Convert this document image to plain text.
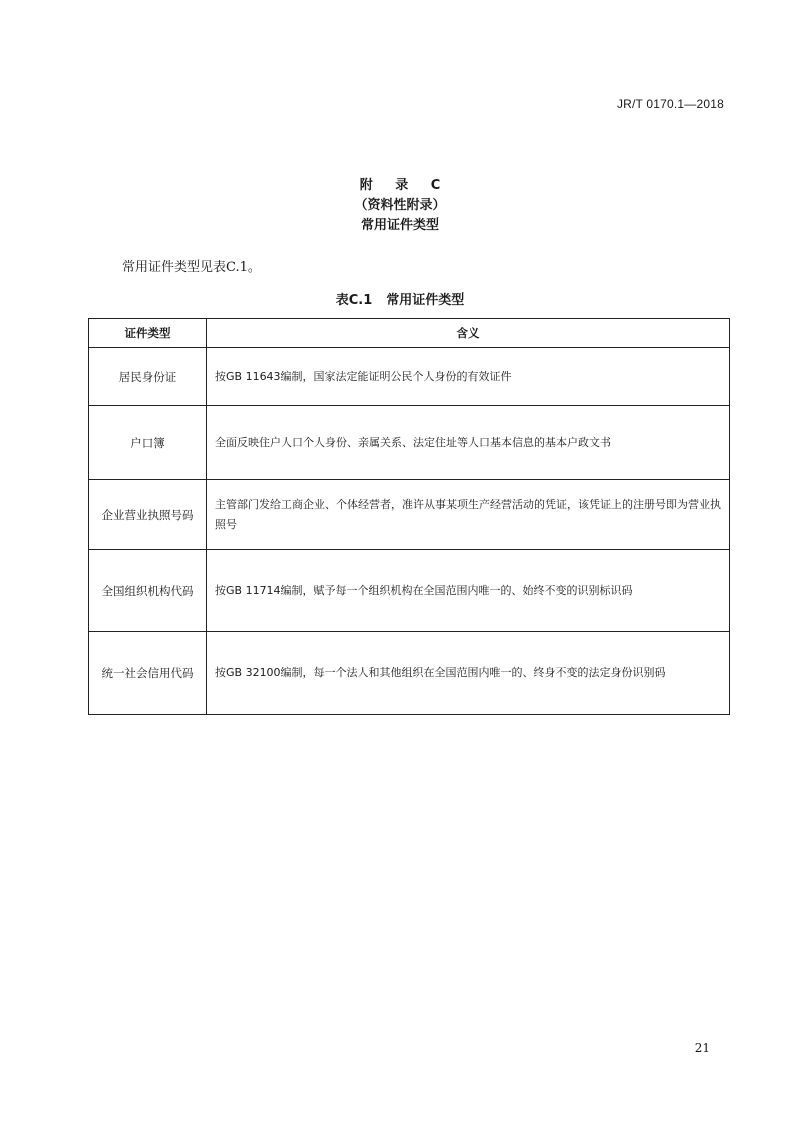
JR/T 0170.1—2018
附 录 C
（资料性附录）
常用证件类型
常用证件类型见表C.1。
表C.1 常用证件类型
证件类型	含义
居民身份证	按GB 11643编制，国家法定能证明公民个人身份的有效证件
户口簿	全面反映住户人口个人身份、亲属关系、法定住址等人口基本信息的基本户政文书
企业营业执照号码	主管部门发给工商企业、个体经营者，准许从事某项生产经营活动的凭证，该凭证上的注册号即为营业执照号
全国组织机构代码	按GB 11714编制，赋予每一个组织机构在全国范围内唯一的、始终不变的识别标识码
统一社会信用代码	按GB 32100编制，每一个法人和其他组织在全国范围内唯一的、终身不变的法定身份识别码
21
